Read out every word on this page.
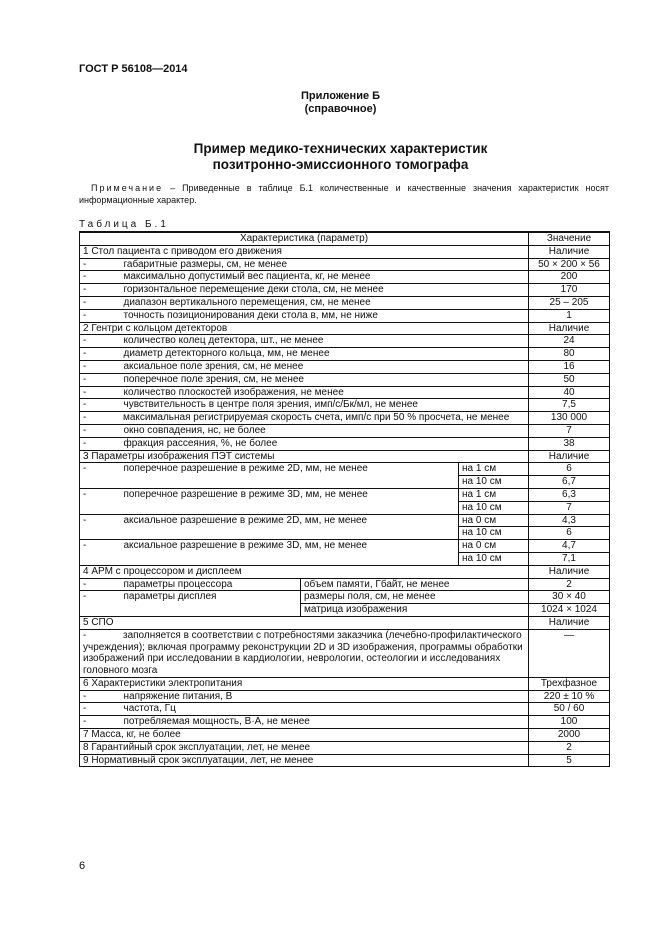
ГОСТ Р 56108—2014
Приложение Б
(справочное)
Пример медико-технических характеристик
позитронно-эмиссионного томографа
Примечание – Приведенные в таблице Б.1 количественные и качественные значения характеристик носят информационные характер.
Таблица Б.1
Характеристика (параметр)				Значение
1 Стол пациента с приводом его движения				Наличие
-	габаритные размеры, см, не менее			50 × 200 × 56
-	максимально допустимый вес пациента, кг, не менее			200
-	горизонтальное перемещение деки стола, см, не менее			170
-	диапазон вертикального перемещения, см, не менее			25 – 205
-	точность позиционирования деки стола в, мм, не ниже			1
2 Гентри с кольцом детекторов				Наличие
-	количество колец детектора, шт., не менее			24
-	диаметр детекторного кольца, мм, не менее			80
-	аксиальное поле зрения, см, не менее			16
-	поперечное поле зрения, см, не менее			50
-	количество плоскостей изображения, не менее			40
-	чувствительность в центре поля зрения, имп/с/Бк/мл, не менее			7,5
- максимальная регистрируемая скорость счета, имп/с при 50 % просчета, не менее				130 000
-	окно совпадения, нс, не более			7
-	фракция рассеяния, %, не более			38
3 Параметры изображения ПЭТ системы				Наличие
-	поперечное разрешение в режиме 2D, мм, не менее		на 1 см	6
			на 10 см	6,7
-	поперечное разрешение в режиме 3D, мм, не менее		на 1 см	6,3
			на 10 см	7
-	аксиальное разрешение в режиме 2D, мм, не менее		на 0 см	4,3
			на 10 см	6
-	аксиальное разрешение в режиме 3D, мм, не менее		на 0 см	4,7
			на 10 см	7,1
4 АРМ с процессором и дисплеем				Наличие
-	параметры процессора	объем памяти, Гбайт, не менее		2
-	параметры дисплея	размеры поля, см, не менее		30 × 40
		матрица изображения		1024 × 1024
5 СПО				Наличие
- заполняется в соответствии с потребностями заказчика (лечебно-профилактического учреждения); включая программу реконструкции 2D и 3D изображения, программы обработки изображений при исследовании в кардиологии, неврологии, остеологии и исследованиях головного мозга				—
6 Характеристики электропитания				Трехфазное
-	напряжение питания, В			220 ± 10 %
-	частота, Гц			50 / 60
-	потребляемая мощность, В·А, не менее			100
7 Масса, кг, не более				2000
8 Гарантийный срок эксплуатации, лет, не менее				2
9 Нормативный срок эксплуатации, лет, не менее				5
6
